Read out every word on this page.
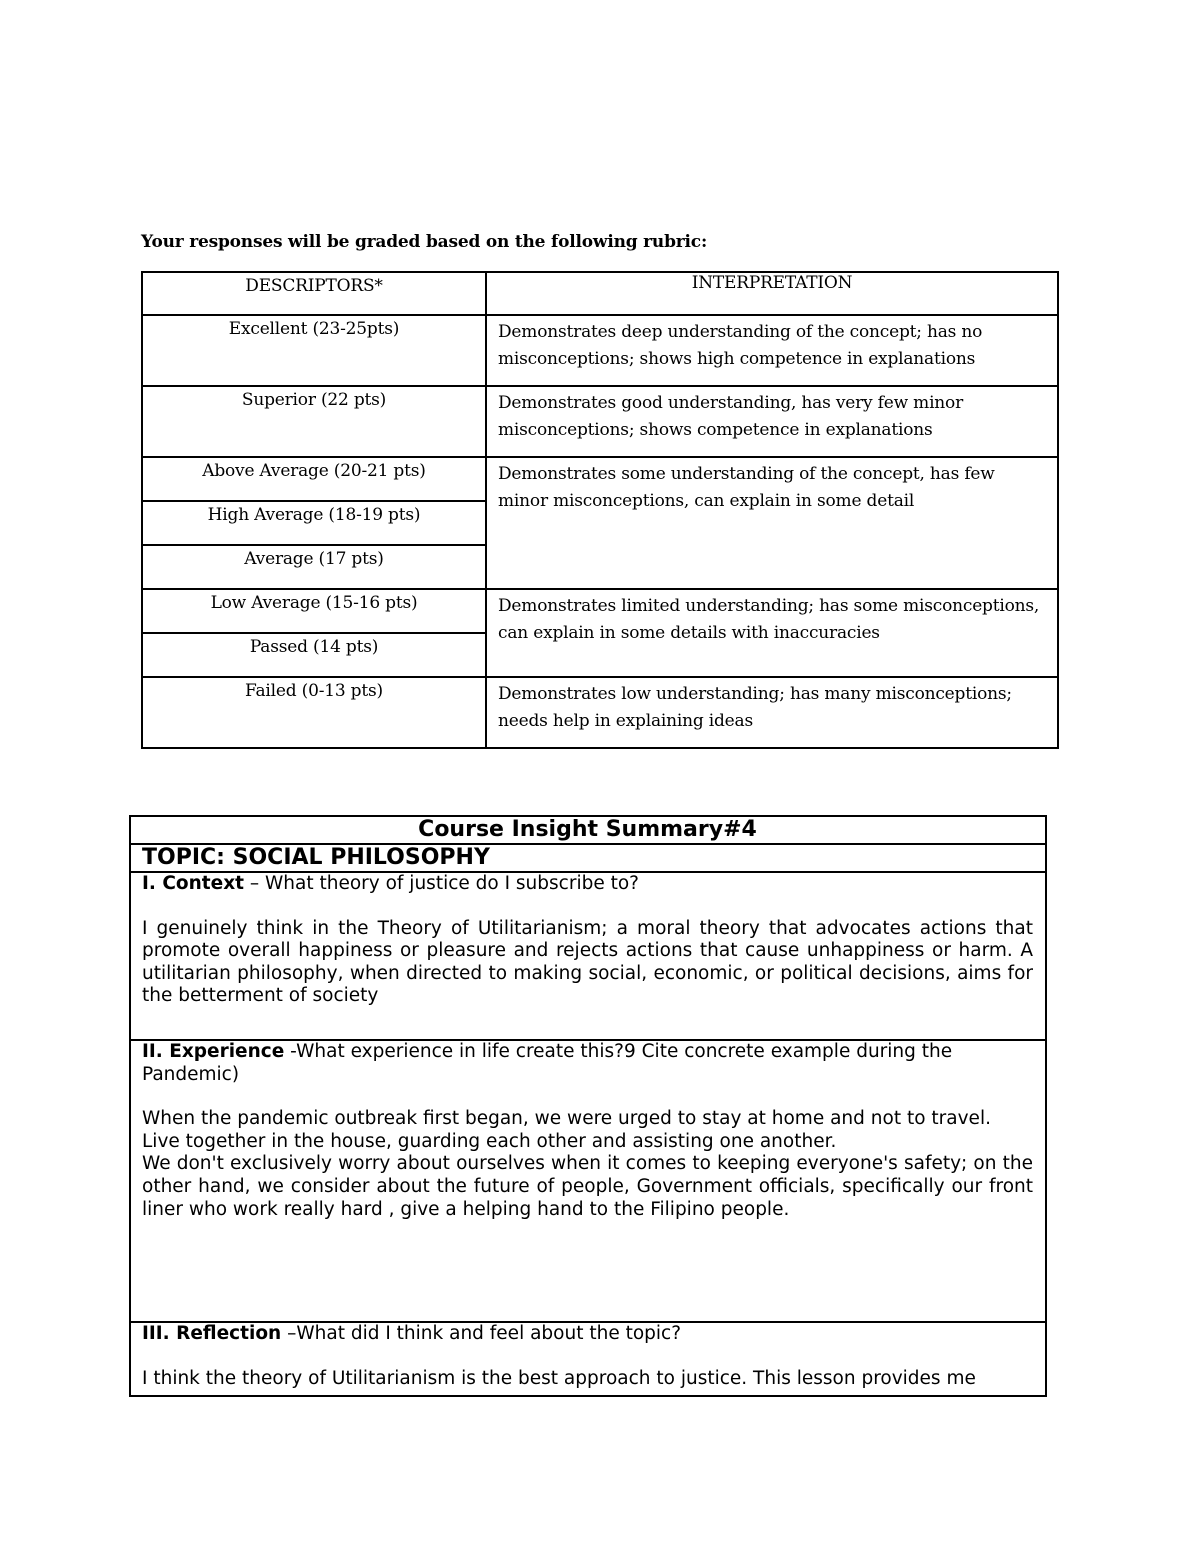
Your responses will be graded based on the following rubric:
DESCRIPTORS*	INTERPRETATION
Excellent (23-25pts)	Demonstrates deep understanding of the concept; has no misconceptions; shows high competence in explanations
Superior (22 pts)	Demonstrates good understanding, has very few minor misconceptions; shows competence in explanations
Above Average (20-21 pts)	Demonstrates some understanding of the concept, has few minor misconceptions, can explain in some detail
High Average (18-19 pts)	
Average (17 pts)	
Low Average (15-16 pts)	Demonstrates limited understanding; has some misconceptions, can explain in some details with inaccuracies
Passed (14 pts)	
Failed (0-13 pts)	Demonstrates low understanding; has many misconceptions; needs help in explaining ideas
Course Insight Summary#4
TOPIC: SOCIAL PHILOSOPHY

I. Context – What theory of justice do I subscribe to?
I genuinely think in the Theory of Utilitarianism; a moral theory that advocates actions that promote overall happiness or pleasure and rejects actions that cause unhappiness or harm. A utilitarian philosophy, when directed to making social, economic, or political decisions, aims for the betterment of society

II. Experience -What experience in life create this?9 Cite concrete example during the Pandemic)

When the pandemic outbreak first began, we were urged to stay at home and not to travel.

Live together in the house, guarding each other and assisting one another.

We don't exclusively worry about ourselves when it comes to keeping everyone's safety; on the other hand, we consider about the future of people, Government officials, specifically our front liner who work really hard , give a helping hand to the Filipino people.

III. Reflection –What did I think and feel about the topic?
I think the theory of Utilitarianism is the best approach to justice. This lesson provides me
